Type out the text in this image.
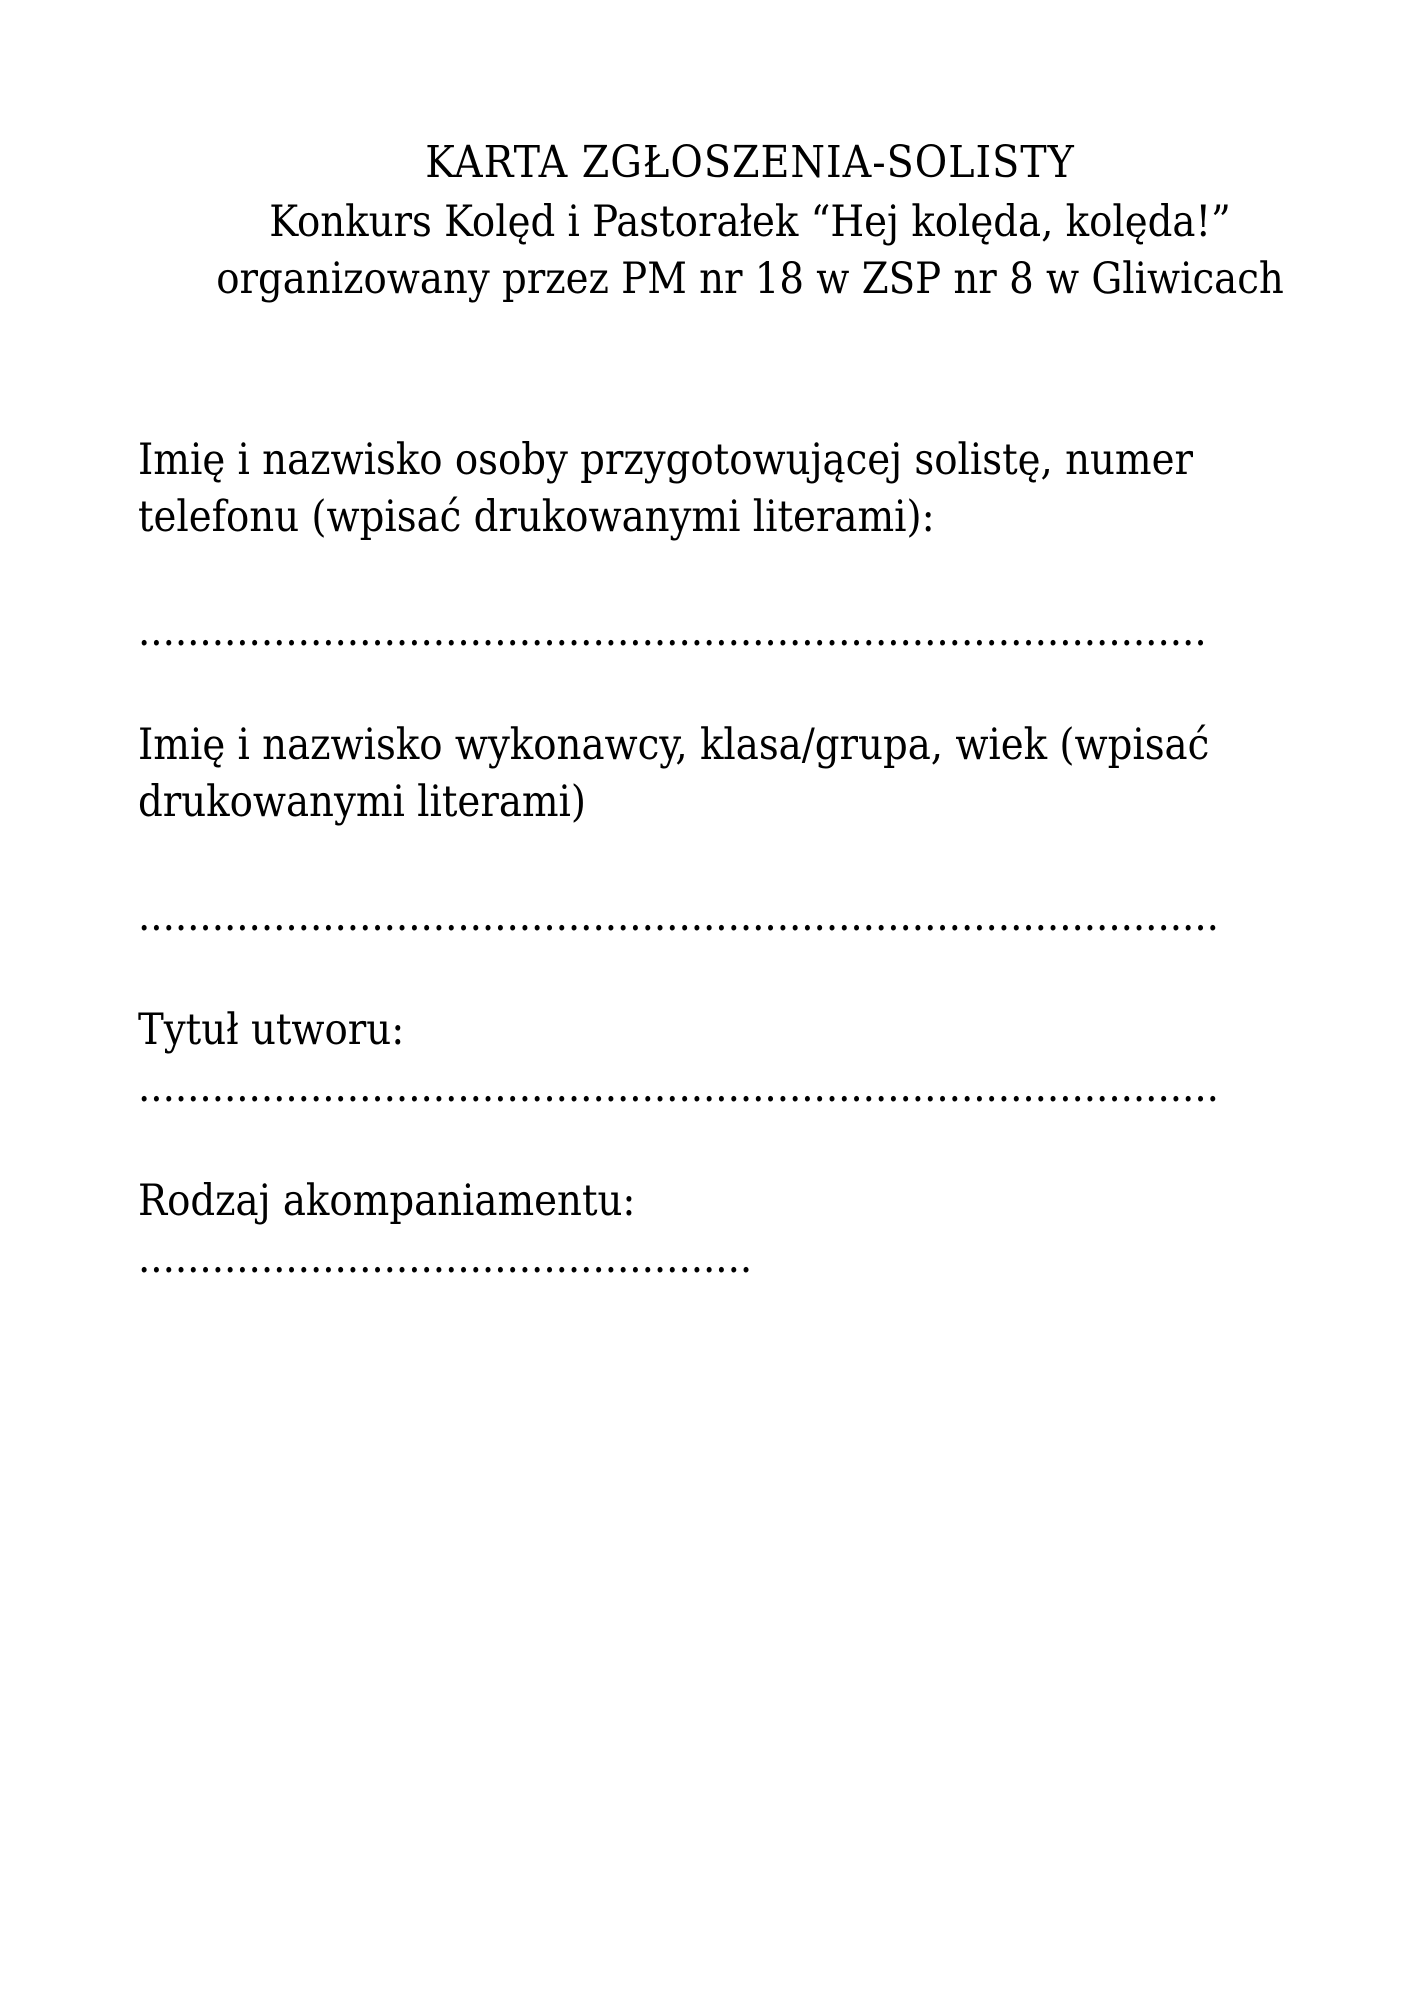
KARTA ZGŁOSZENIA-SOLISTY
Konkurs Kolęd i Pastorałek “Hej kolęda, kolęda!”
organizowany przez PM nr 18 w ZSP nr 8 w Gliwicach

Imię i nazwisko osoby przygotowującej solistę, numer
telefonu (wpisać drukowanymi literami):

.......................................................................................

Imię i nazwisko wykonawcy, klasa/grupa, wiek (wpisać
drukowanymi literami)

........................................................................................

Tytuł utworu:

........................................................................................

Rodzaj akompaniamentu:

..................................................
